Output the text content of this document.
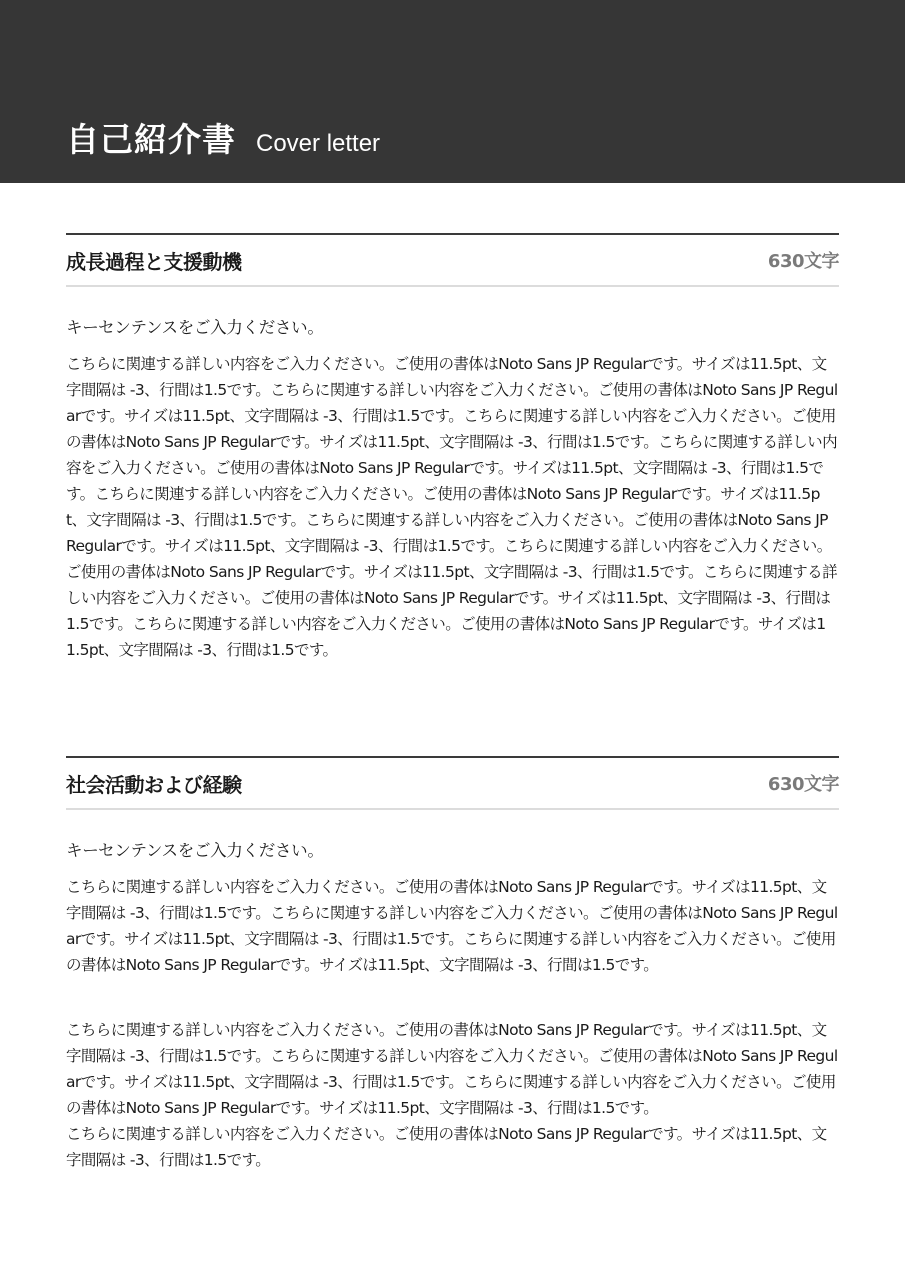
自己紹介書 Cover letter
成長過程と支援動機	630文字
キーセンテンスをご入力ください。
こちらに関連する詳しい内容をご入力ください。ご使用の書体はNoto Sans JP Regularです。サイズは11.5pt、文字間隔は -3、行間は1.5です。こちらに関連する詳しい内容をご入力ください。ご使用の書体はNoto Sans JP Regularです。サイズは11.5pt、文字間隔は -3、行間は1.5です。こちらに関連する詳しい内容をご入力ください。ご使用の書体はNoto Sans JP Regularです。サイズは11.5pt、文字間隔は -3、行間は1.5です。こちらに関連する詳しい内容をご入力ください。ご使用の書体はNoto Sans JP Regularです。サイズは11.5pt、文字間隔は -3、行間は1.5です。こちらに関連する詳しい内容をご入力ください。ご使用の書体はNoto Sans JP Regularです。サイズは11.5pt、文字間隔は -3、行間は1.5です。こちらに関連する詳しい内容をご入力ください。ご使用の書体はNoto Sans JP Regularです。サイズは11.5pt、文字間隔は -3、行間は1.5です。こちらに関連する詳しい内容をご入力ください。ご使用の書体はNoto Sans JP Regularです。サイズは11.5pt、文字間隔は -3、行間は1.5です。こちらに関連する詳しい内容をご入力ください。ご使用の書体はNoto Sans JP Regularです。サイズは11.5pt、文字間隔は -3、行間は1.5です。こちらに関連する詳しい内容をご入力ください。ご使用の書体はNoto Sans JP Regularです。サイズは11.5pt、文字間隔は -3、行間は1.5です。
社会活動および経験	630文字
キーセンテンスをご入力ください。
こちらに関連する詳しい内容をご入力ください。ご使用の書体はNoto Sans JP Regularです。サイズは11.5pt、文字間隔は -3、行間は1.5です。こちらに関連する詳しい内容をご入力ください。ご使用の書体はNoto Sans JP Regularです。サイズは11.5pt、文字間隔は -3、行間は1.5です。こちらに関連する詳しい内容をご入力ください。ご使用の書体はNoto Sans JP Regularです。サイズは11.5pt、文字間隔は -3、行間は1.5です。
こちらに関連する詳しい内容をご入力ください。ご使用の書体はNoto Sans JP Regularです。サイズは11.5pt、文字間隔は -3、行間は1.5です。こちらに関連する詳しい内容をご入力ください。ご使用の書体はNoto Sans JP Regularです。サイズは11.5pt、文字間隔は -3、行間は1.5です。こちらに関連する詳しい内容をご入力ください。ご使用の書体はNoto Sans JP Regularです。サイズは11.5pt、文字間隔は -3、行間は1.5です。
こちらに関連する詳しい内容をご入力ください。ご使用の書体はNoto Sans JP Regularです。サイズは11.5pt、文字間隔は -3、行間は1.5です。
